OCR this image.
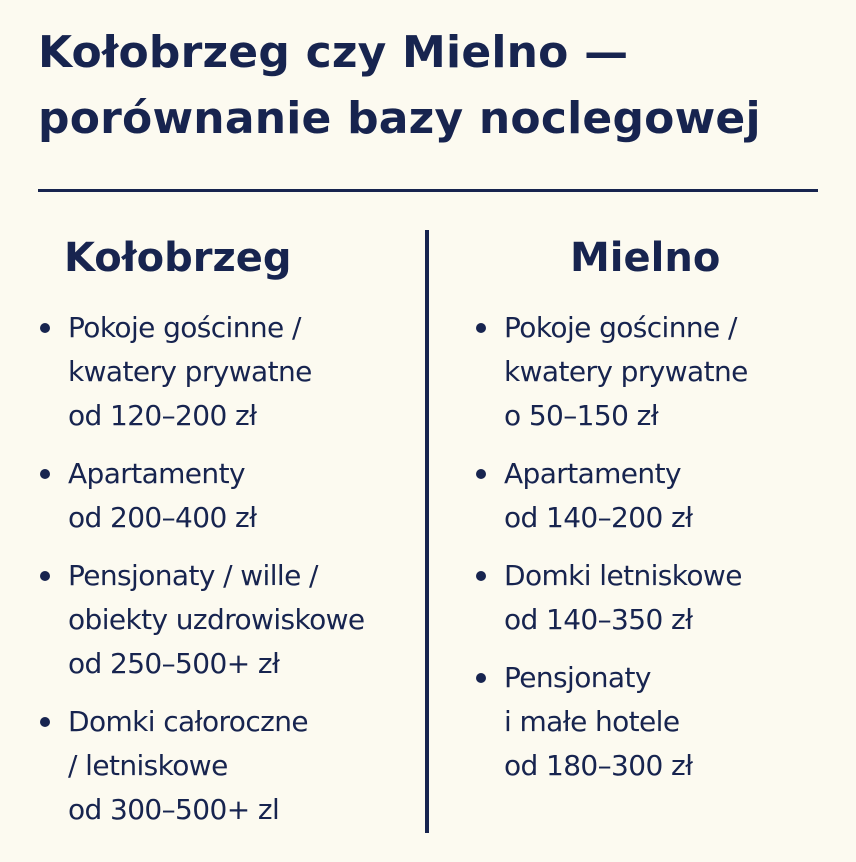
Kołobrzeg czy Mielno —
porównanie bazy noclegowej
Kołobrzeg
Pokoje gościnne /
kwatery prywatne
od 120–200 zł
Apartamenty
od 200–400 zł
Pensjonaty / wille /
obiekty uzdrowiskowe
od 250–500+ zł
Domki całoroczne
/ letniskowe
od 300–500+ zl
Mielno
Pokoje gościnne /
kwatery prywatne
o 50–150 zł
Apartamenty
od 140–200 zł
Domki letniskowe
od 140–350 zł
Pensjonaty
i małe hotele
od 180–300 zł
